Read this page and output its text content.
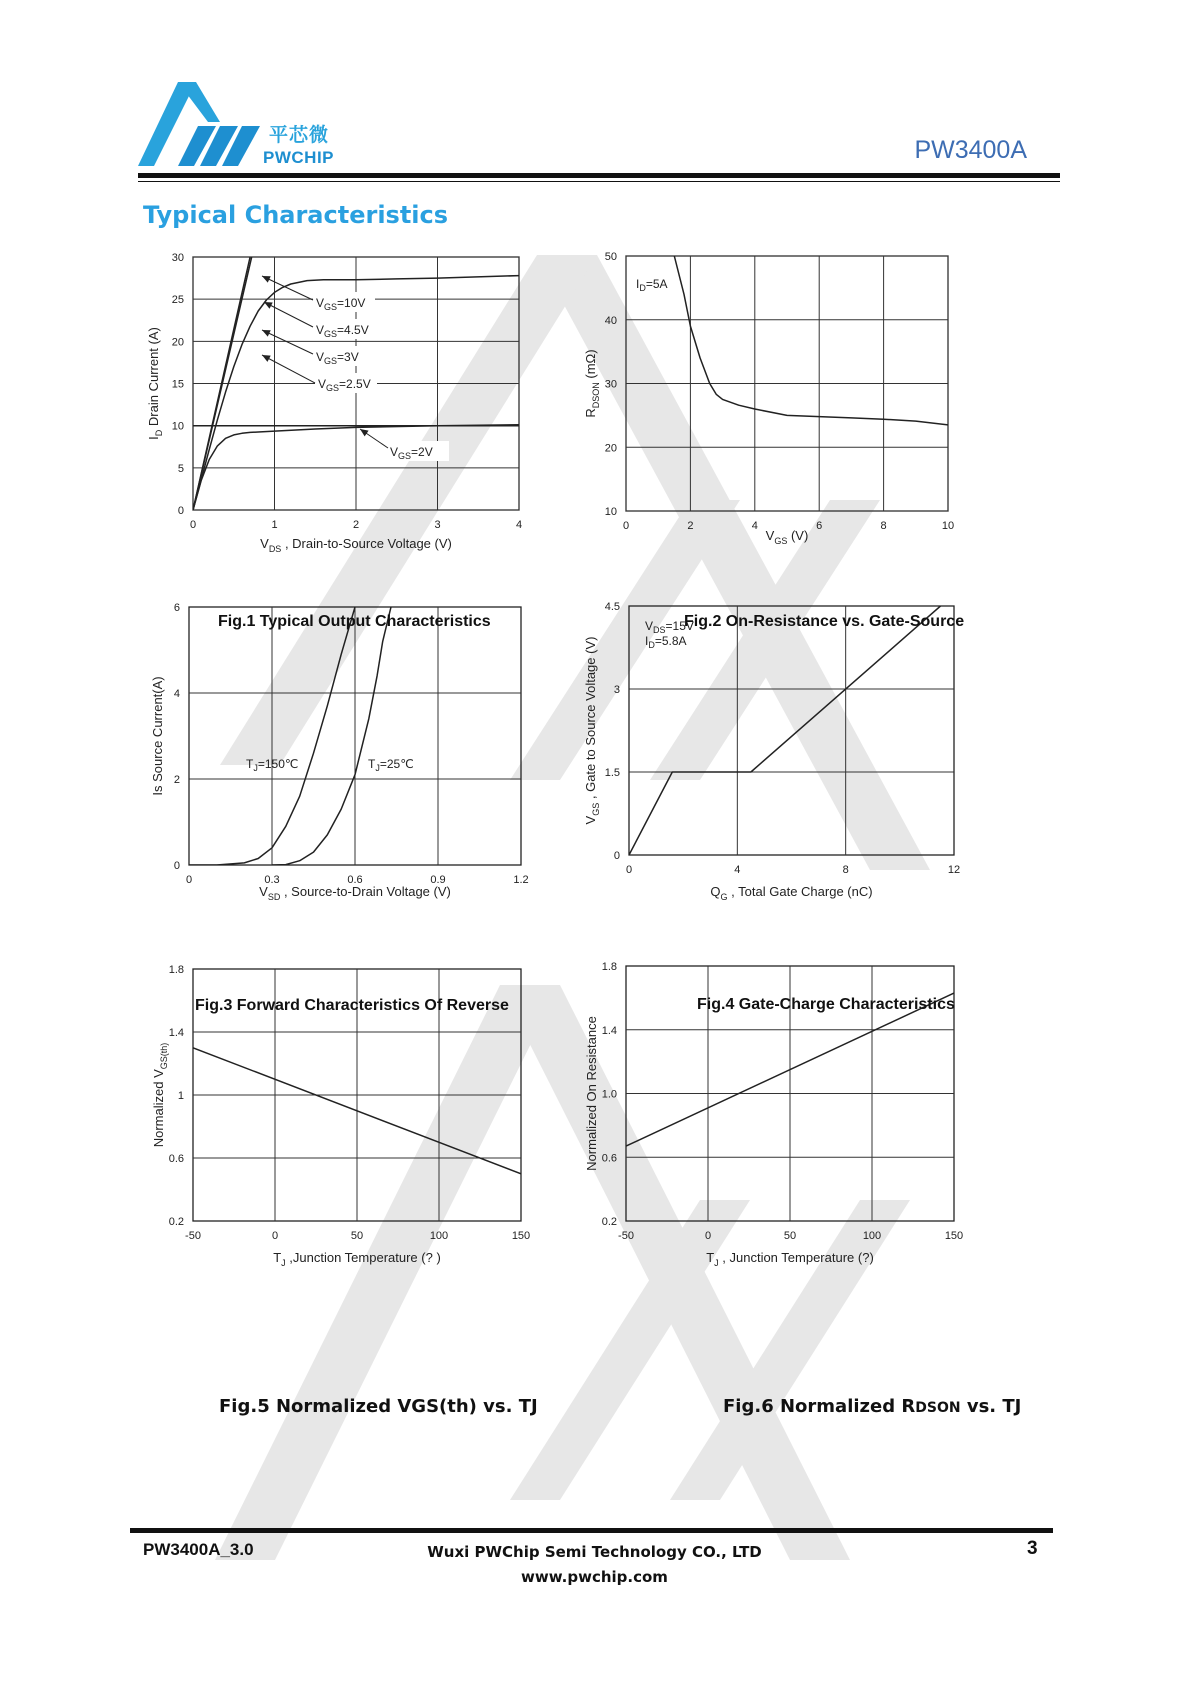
平芯微
PWCHIP	PW3400A
Typical Characteristics
0	1	2	3	4
0
5
10
15
20
25
30
$V_{DS}$ , Drain-to-Source Voltage (V)
$I_D$ Drain Current (A)
$V_{GS}=10V$
$V_{GS}=4.5V$
$V_{GS}=3V$
$V_{GS}=2.5V$
$V_{GS}=2V$
0	2	4	6	8	10
10
20
30
40
50
$V_{GS}$ (V)
$R_{DSON}$ (mΩ)
$I_D=5A$
0	0.3	0.6	0.9	1.2
0
2
4
6
$V_{SD}$ , Source-to-Drain Voltage (V)
Is Source Current(A)	$T_J=150℃$	$T_J=25℃$
0	4	8	12
0
1.5
3
4.5
$Q_G$ , Total Gate Charge (nC)
$V_{GS}$ , Gate to Source Voltage (V)
$V_{DS}=15V$
$I_D=5.8A$
-50	0	50	100	150
0.2
0.6
1
1.4
1.8
$T_J$ ,Junction Temperature (? )
Normalized $V_{GS(th)}$
-50	0	50	100	150
0.2
0.6
1.0
1.4
1.8
$T_J$ , Junction Temperature (?)
Normalized On Resistance
Fig.1 Typical Output Characteristics	Fig.2 On-Resistance vs. Gate-Source
Fig.3 Forward Characteristics Of Reverse	Fig.4 Gate-Charge Characteristics
Fig.5 Normalized VGS(th) vs. TJ	Fig.6 Normalized RDSON vs. TJ
PW3400A_3.0	Wuxi PWChip Semi Technology CO., LTD
www.pwchip.com
3
